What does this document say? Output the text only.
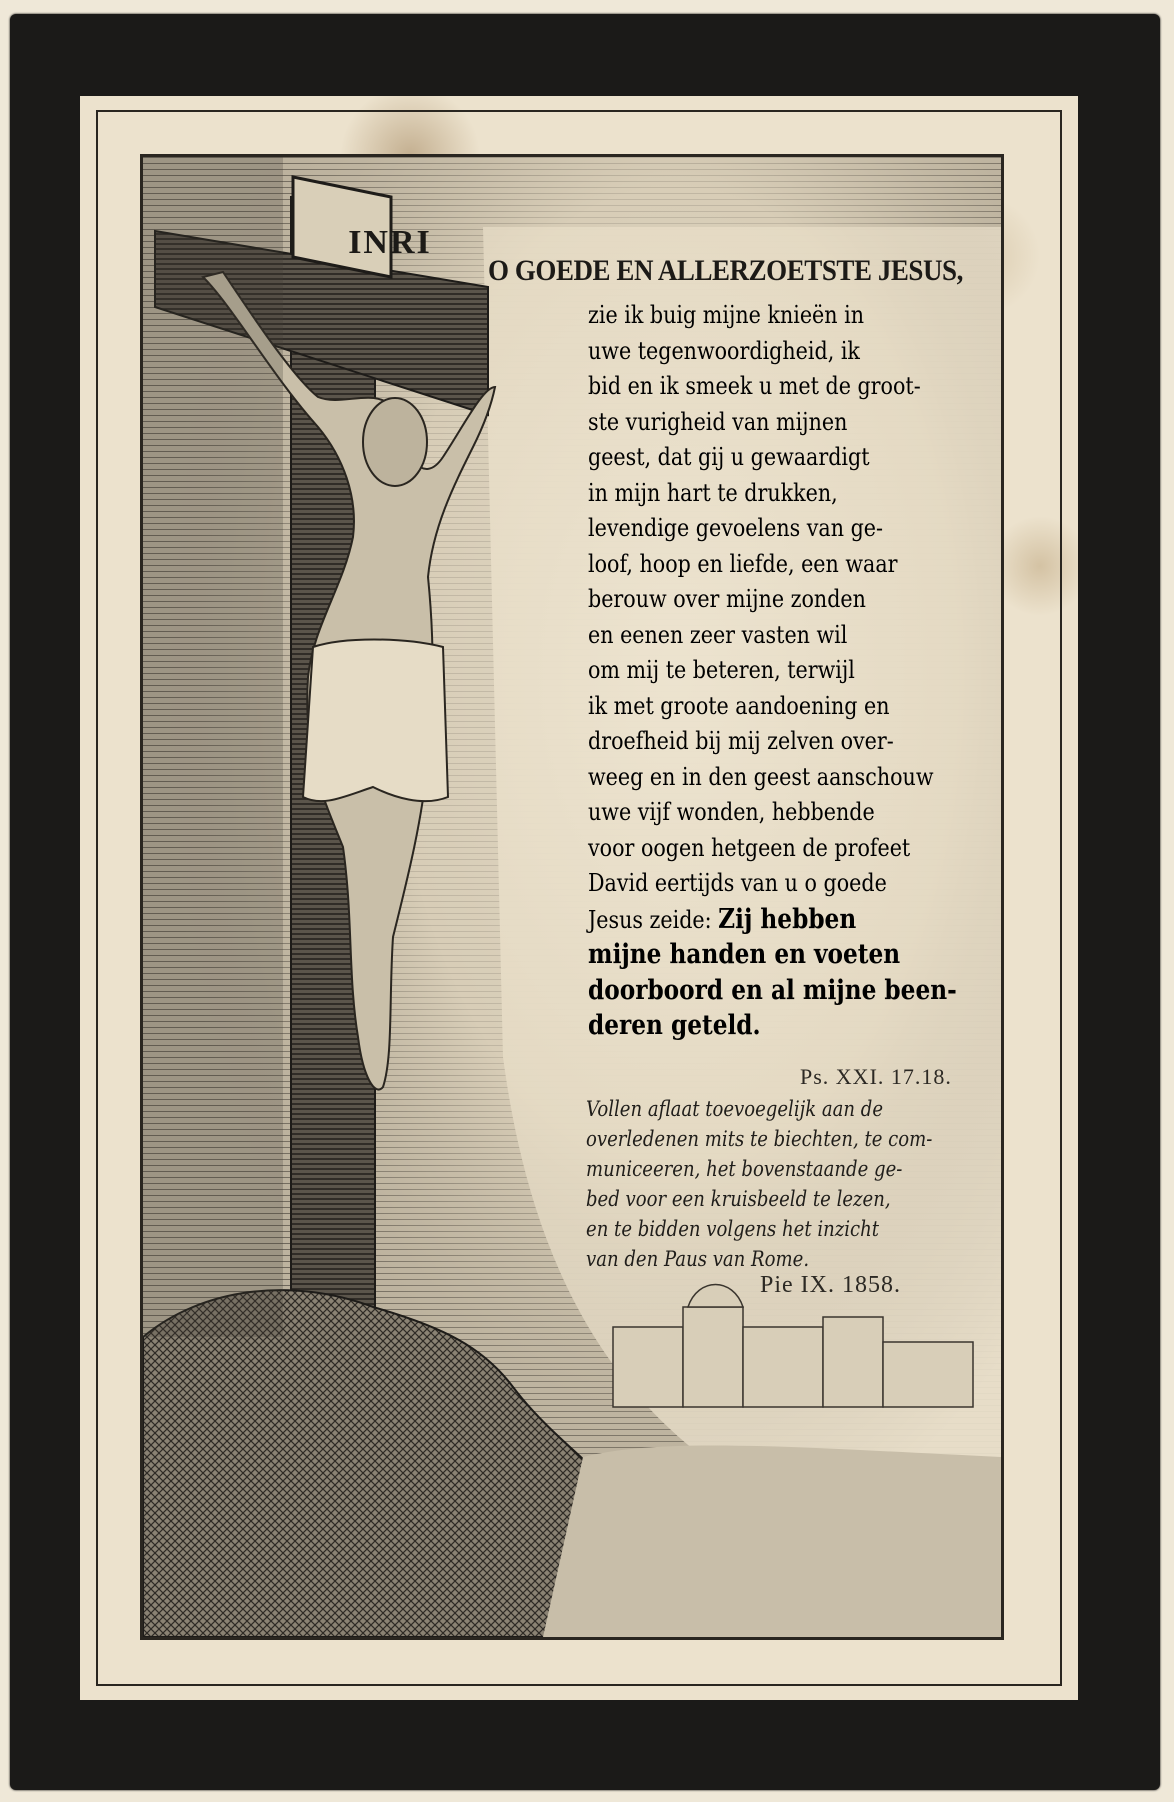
INRI
O GOEDE EN ALLERZOETSTE JESUS,
zie ik buig mijne knieën in
uwe tegenwoordigheid, ik
bid en ik smeek u met de groot-
ste vurigheid van mijnen
geest, dat gij u gewaardigt
in mijn hart te drukken,
levendige gevoelens van ge-
loof, hoop en liefde, een waar
berouw over mijne zonden
en eenen zeer vasten wil
om mij te beteren, terwijl
ik met groote aandoening en
droefheid bij mij zelven over-
weeg en in den geest aanschouw
uwe vijf wonden, hebbende
voor oogen hetgeen de profeet
David eertijds van u o goede
Jesus zeide: Zij hebben
mijne handen en voeten
doorboord en al mijne been-
deren geteld.
Ps. XXI. 17.18.
Vollen aflaat toevoegelijk aan de
overledenen mits te biechten, te com-
municeeren, het bovenstaande ge-
bed voor een kruisbeeld te lezen,
en te bidden volgens het inzicht
van den Paus van Rome.
Pie IX. 1858.
